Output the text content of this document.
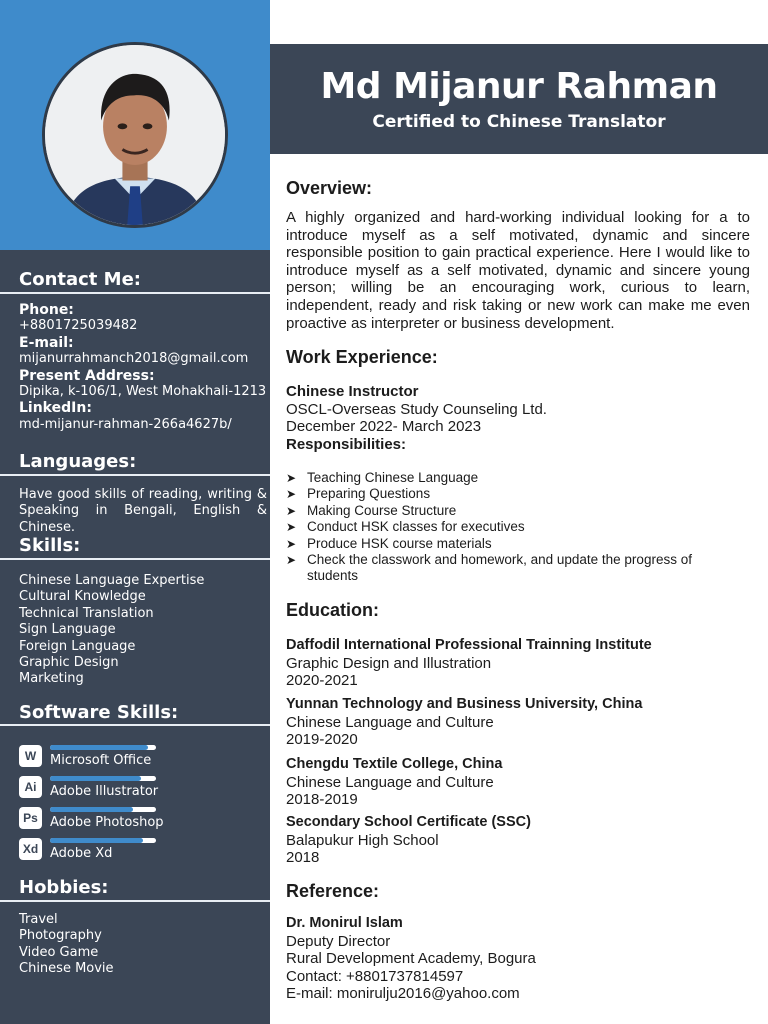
Contact Me:
Phone:
+8801725039482
E-mail:
mijanurrahmanch2018@gmail.com
Present Address:
Dipika, k-106/1, West Mohakhali-1213
LinkedIn:
md-mijanur-rahman-266a4627b/
Languages:
Have good skills of reading, writing & Speaking in Bengali, English & Chinese.
Skills:
Chinese Language Expertise
Cultural Knowledge
Technical Translation
Sign Language
Foreign Language
Graphic Design
Marketing
Software Skills:
W	Microsoft Office
Ai	Adobe Illustrator
Ps Adobe Photoshop
Xd Adobe Xd
Hobbies:
Travel
Photography
Video Game
Chinese Movie
Md Mijanur Rahman
Certified to Chinese Translator
Overview:
A highly organized and hard-working individual looking for a to introduce myself as a self motivated, dynamic and sincere responsible position to gain practical experience. Here I would like to introduce myself as a self motivated, dynamic and sincere young person; willing be an encouraging work, curious to learn, independent, ready and risk taking or new work can make me even proactive as interpreter or business development.
Work Experience:
Chinese Instructor
OSCL-Overseas Study Counseling Ltd.
December 2022- March 2023
Responsibilities:
➤ Teaching Chinese Language
➤ Preparing Questions
➤ Making Course Structure
➤ Conduct HSK classes for executives
➤ Produce HSK course materials
➤ Check the classwork and homework, and update the progress of students
Education:
Daffodil International Professional Trainning Institute
Graphic Design and Illustration
2020-2021
Yunnan Technology and Business University, China
Chinese Language and Culture
2019-2020
Chengdu Textile College, China
Chinese Language and Culture
2018-2019
Secondary School Certificate (SSC)
Balapukur High School
2018
Reference:
Dr. Monirul Islam
Deputy Director
Rural Development Academy, Bogura
Contact: +8801737814597
E-mail: monirulju2016@yahoo.com
